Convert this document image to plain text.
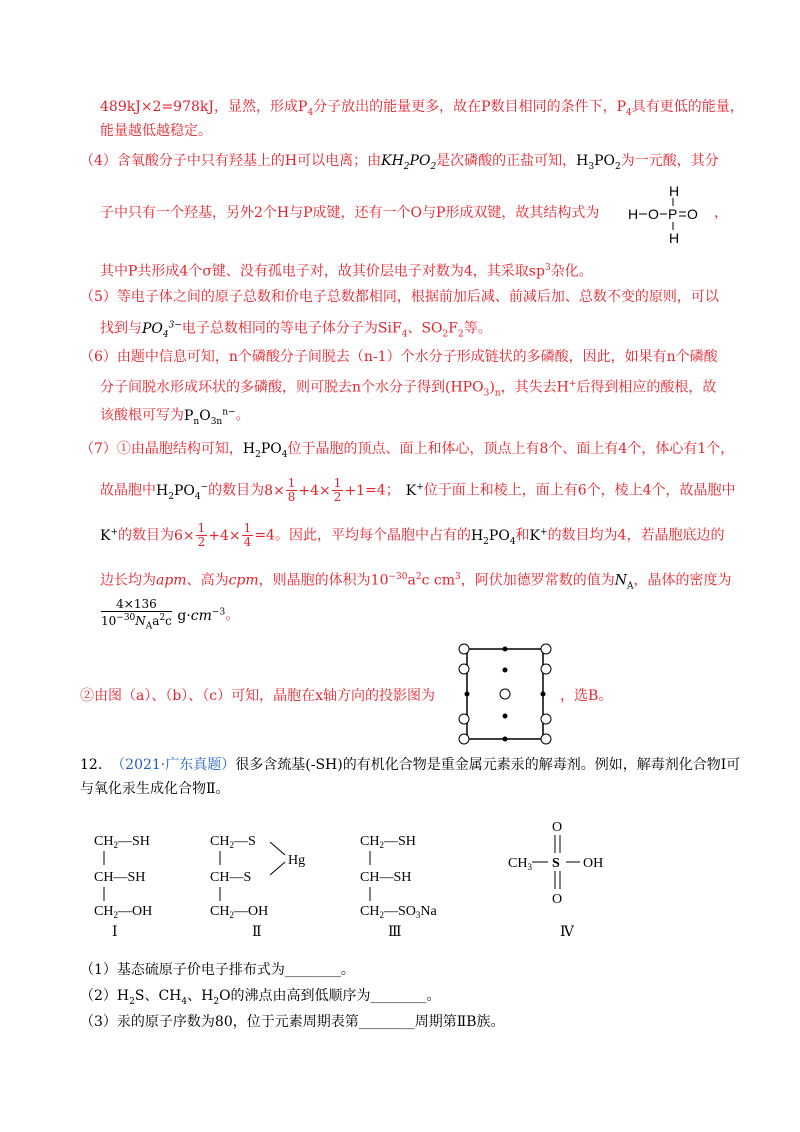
489kJ×2=978kJ，显然，形成$P_4$分子放出的能量更多，故在P数目相同的条件下，$P_4$具有更低的能量，
能量越低越稳定。
（4）含氧酸分子中只有羟基上的H可以电离；由$KH_2PO_2$是次磷酸的正盐可知，$H_3PO_2$为一元酸，其分
子中只有一个羟基，另外2个H与P成键，还有一个O与P形成双键，故其结构式为 H O P O
H
H
，
其中P共形成4个σ键、没有孤电子对，故其价层电子对数为4，其采取$sp^3$杂化。
（5）等电子体之间的原子总数和价电子总数都相同，根据前加后减、前减后加、总数不变的原则，可以
找到与$PO_4^{3-}$电子总数相同的等电子体分子为SiF$_4$、$SO_2F_2$等。
（6）由题中信息可知，n个磷酸分子间脱去（n-1）个水分子形成链状的多磷酸，因此，如果有n个磷酸
分子间脱水形成环状的多磷酸，则可脱去n个水分子得到$(HPO_3)_n$，其失去H+后得到相应的酸根，故
该酸根可写为$P_nO_{3n}^{n-}$。
（7）①由晶胞结构可知，$H_2PO_4$位于晶胞的顶点、面上和体心，顶点上有8个、面上有4个，体心有1个，
故晶胞中$H_2PO_4^-$的数目为$8\times \frac{1}{8} +4\times \frac{1}{2} +1=4$； K+位于面上和棱上，面上有6个，棱上4个，故晶胞中
K+的数目为$6\times \frac{1}{2} +4\times \frac{1}{4} =4$。因此，平均每个晶胞中占有的$H_2PO_4$和K+的数目均为4，若晶胞底边的
边长均为apm、高为cpm，则晶胞的体积为$10^{-30}a^2c$ $cm^3$，阿伏加德罗常数的值为$N_A$，晶体的密度为
$\frac{4\times 136}{10^{-30}N_Aa^2c} g\cdot cm^{-3}$。
②由图（a）、（b）、（c）可知，晶胞在x轴方向的投影图为	，选B。
12. （2021·广东真题）很多含巯基(-SH)的有机化合物是重金属元素汞的解毒剂。例如，解毒剂化合物Ⅰ可
与氧化汞生成化合物Ⅱ。
$CH_2—SH$
CH—SH
$CH_2—OH$
$CH_2—S$
CH—S
$CH_2—OH$
Hg
$CH_2—SH$
CH—SH
$CH_2—SO_3Na$
O
$CH_3$ S OH
O
Ⅰ	Ⅱ	Ⅲ	Ⅳ
（1）基态硫原子价电子排布式为________。
$(2)H_2S$、$CH_4$、$H_2O$的沸点由高到低顺序为________。
（3）汞的原子序数为80，位于元素周期表第________周期第ⅡB族。
